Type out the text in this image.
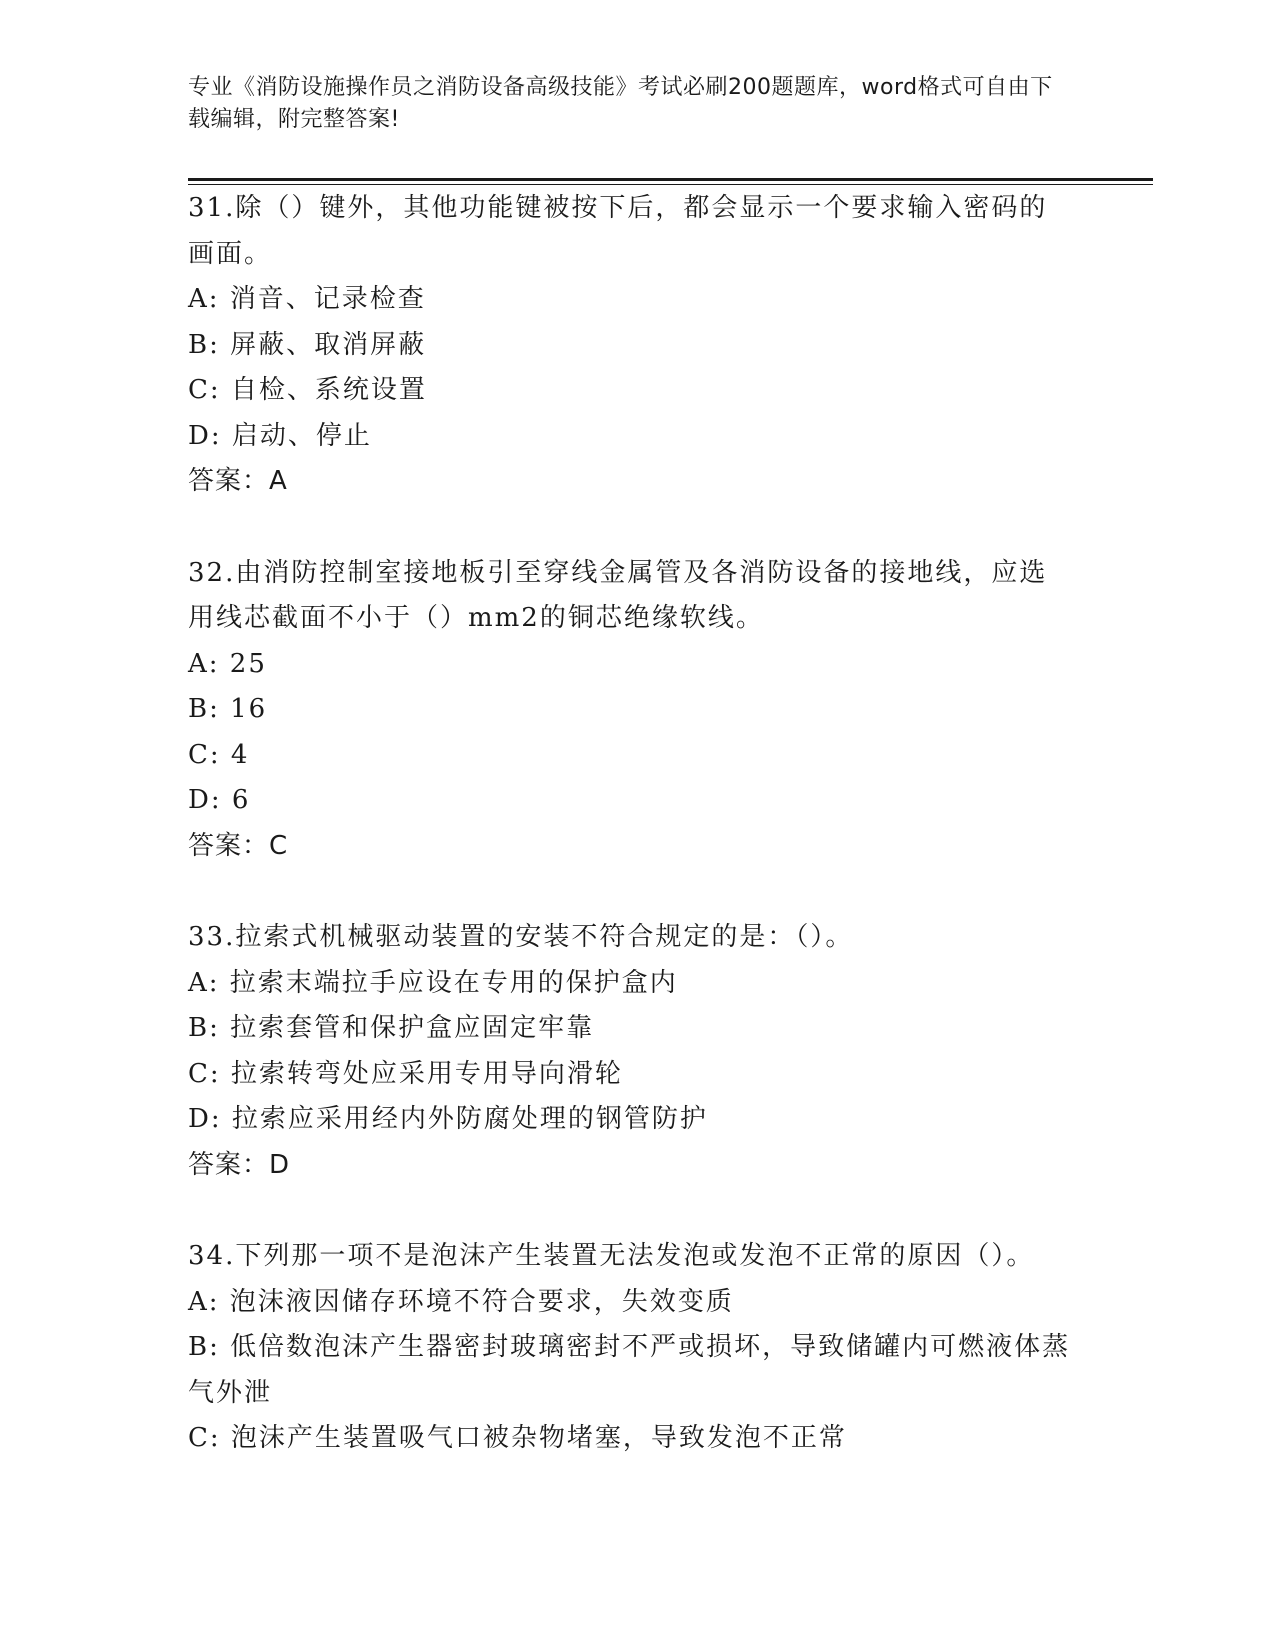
专业《消防设施操作员之消防设备高级技能》考试必刷200题题库，word格式可自由下载编辑，附完整答案!
31.除（）键外，其他功能键被按下后，都会显示一个要求输入密码的画面。
A: 消音、记录检查
B: 屏蔽、取消屏蔽
C: 自检、系统设置
D: 启动、停止
答案：A
32.由消防控制室接地板引至穿线金属管及各消防设备的接地线，应选用线芯截面不小于（）mm2的铜芯绝缘软线。
A: 25
B: 16
C: 4
D: 6
答案：C
33.拉索式机械驱动装置的安装不符合规定的是：（）。
A: 拉索末端拉手应设在专用的保护盒内
B: 拉索套管和保护盒应固定牢靠
C: 拉索转弯处应采用专用导向滑轮
D: 拉索应采用经内外防腐处理的钢管防护
答案：D
34.下列那一项不是泡沫产生装置无法发泡或发泡不正常的原因（）。
A: 泡沫液因储存环境不符合要求，失效变质
B: 低倍数泡沫产生器密封玻璃密封不严或损坏，导致储罐内可燃液体蒸气外泄
C: 泡沫产生装置吸气口被杂物堵塞，导致发泡不正常
